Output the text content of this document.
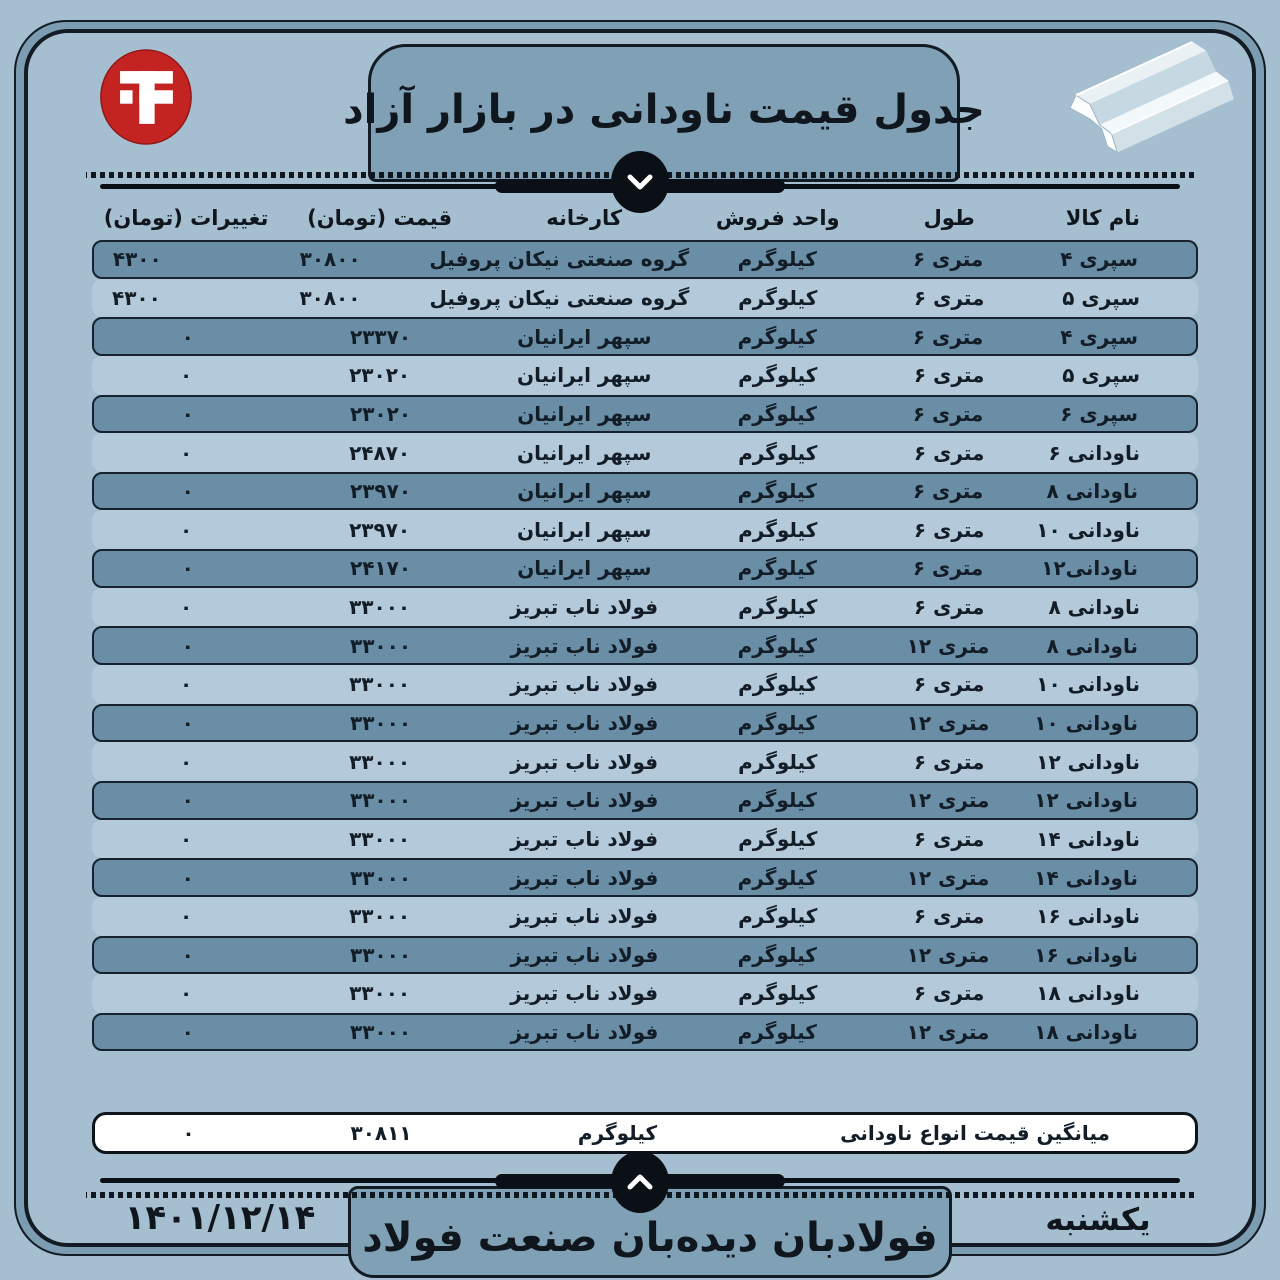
جدول قیمت ناودانی در بازار آزاد
نام کالا
طول
واحد فروش
کارخانه
قیمت (تومان)
تغییرات (تومان)
سپری ۴
متری ۶
کیلوگرم
گروه صنعتی نیکان پروفیل
۳۰۸۰۰
۴۳۰۰
سپری ۵
متری ۶
کیلوگرم
گروه صنعتی نیکان پروفیل
۳۰۸۰۰
۴۳۰۰
سپری ۴
متری ۶
کیلوگرم
سپهر ایرانیان
۲۳۳۷۰
۰
سپری ۵
متری ۶
کیلوگرم
سپهر ایرانیان
۲۳۰۲۰
۰
سپری ۶
متری ۶
کیلوگرم
سپهر ایرانیان
۲۳۰۲۰
۰
ناودانی ۶
متری ۶
کیلوگرم
سپهر ایرانیان
۲۴۸۷۰
۰
ناودانی ۸
متری ۶
کیلوگرم
سپهر ایرانیان
۲۳۹۷۰
۰
ناودانی ۱۰
متری ۶
کیلوگرم
سپهر ایرانیان
۲۳۹۷۰
۰
ناودانی۱۲
متری ۶
کیلوگرم
سپهر ایرانیان
۲۴۱۷۰
۰
ناودانی ۸
متری ۶
کیلوگرم
فولاد ناب تبریز
۳۳۰۰۰
۰
ناودانی ۸
متری ۱۲
کیلوگرم
فولاد ناب تبریز
۳۳۰۰۰
۰
ناودانی ۱۰
متری ۶
کیلوگرم
فولاد ناب تبریز
۳۳۰۰۰
۰
ناودانی ۱۰
متری ۱۲
کیلوگرم
فولاد ناب تبریز
۳۳۰۰۰
۰
ناودانی ۱۲
متری ۶
کیلوگرم
فولاد ناب تبریز
۳۳۰۰۰
۰
ناودانی ۱۲
متری ۱۲
کیلوگرم
فولاد ناب تبریز
۳۳۰۰۰
۰
ناودانی ۱۴
متری ۶
کیلوگرم
فولاد ناب تبریز
۳۳۰۰۰
۰
ناودانی ۱۴
متری ۱۲
کیلوگرم
فولاد ناب تبریز
۳۳۰۰۰
۰
ناودانی ۱۶
متری ۶
کیلوگرم
فولاد ناب تبریز
۳۳۰۰۰
۰
ناودانی ۱۶
متری ۱۲
کیلوگرم
فولاد ناب تبریز
۳۳۰۰۰
۰
ناودانی ۱۸
متری ۶
کیلوگرم
فولاد ناب تبریز
۳۳۰۰۰
۰
ناودانی ۱۸
متری ۱۲
کیلوگرم
فولاد ناب تبریز
۳۳۰۰۰
۰
میانگین قیمت انواع ناودانی
کیلوگرم
۳۰۸۱۱
۰
فولادبان دیده‌بان صنعت فولاد
۱۴۰۱/۱۲/۱۴	یکشنبه
